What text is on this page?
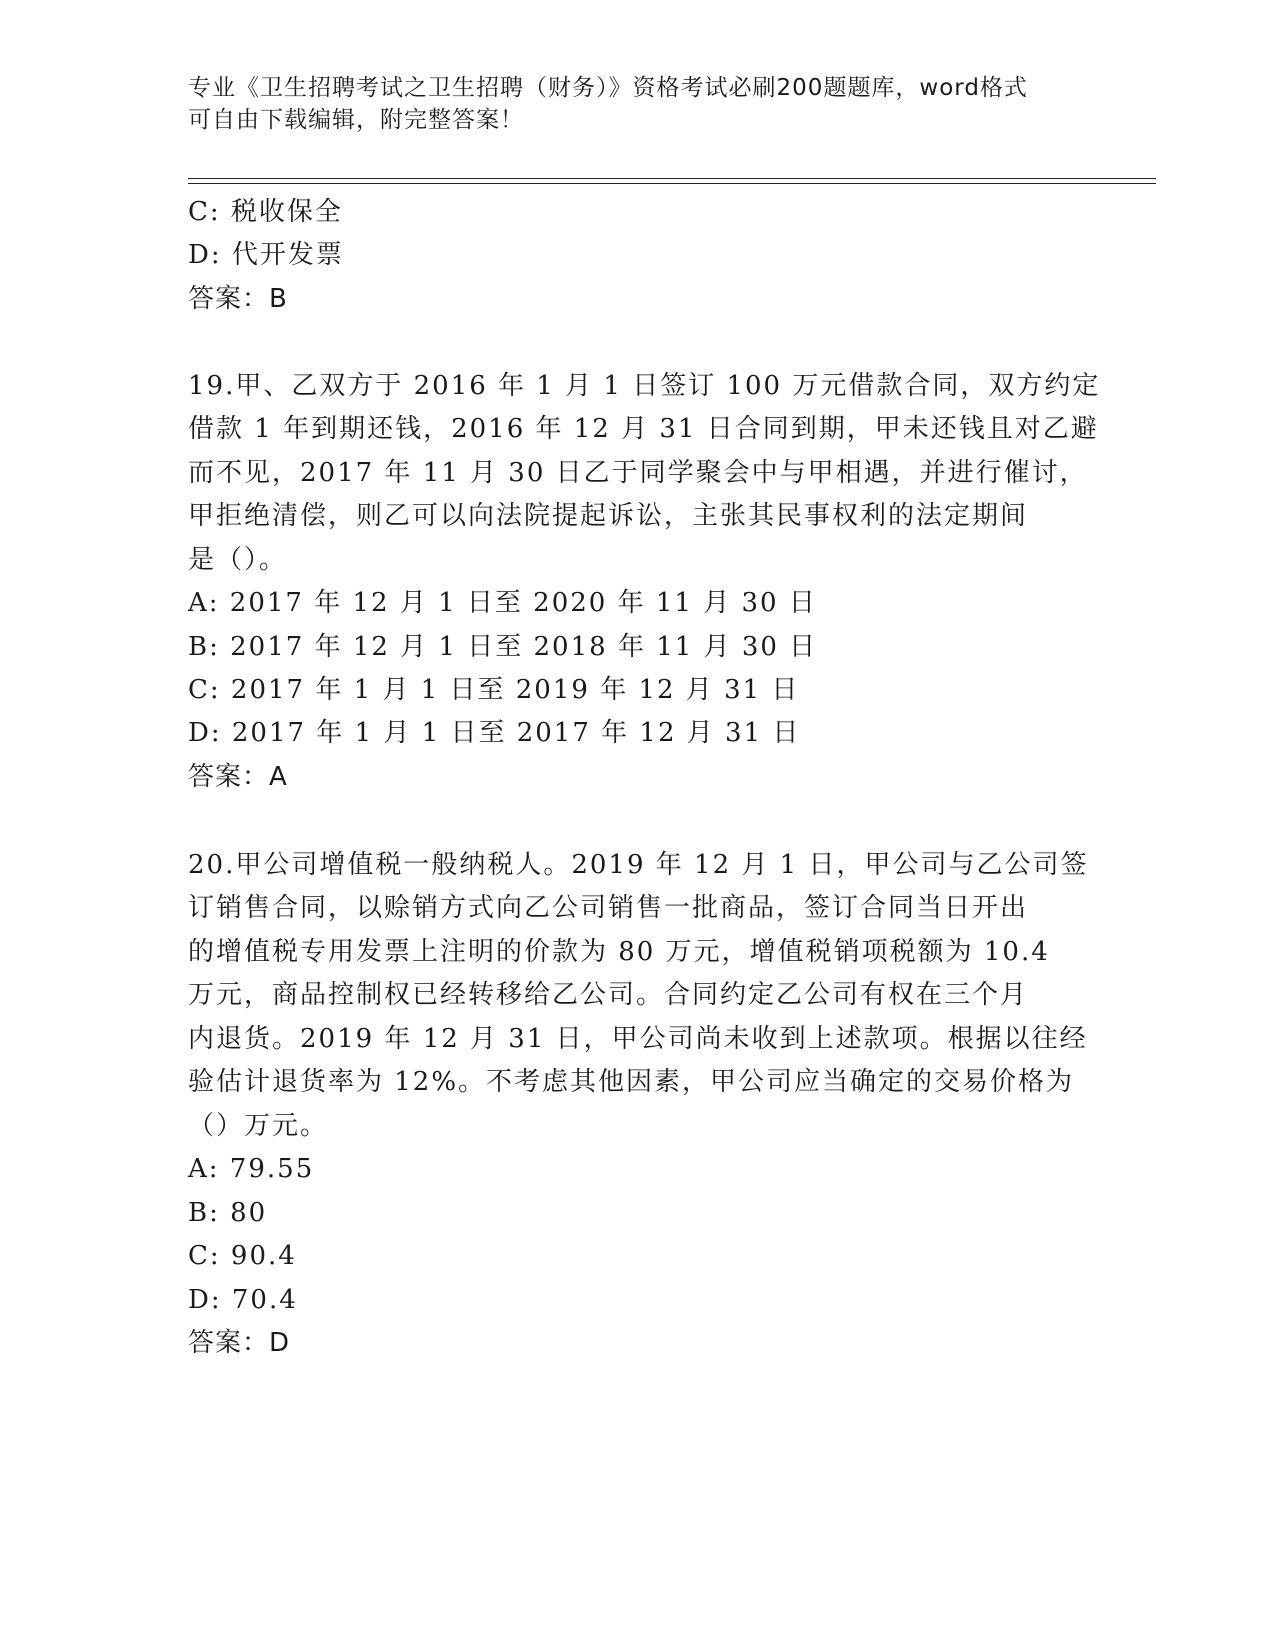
专业《卫生招聘考试之卫生招聘（财务）》资格考试必刷200题题库，word格式
可自由下载编辑，附完整答案！
C: 税收保全
D: 代开发票
答案：B
19.甲、乙双方于 2016 年 1 月 1 日签订 100 万元借款合同，双方约定
借款 1 年到期还钱，2016 年 12 月 31 日合同到期，甲未还钱且对乙避
而不见，2017 年 11 月 30 日乙于同学聚会中与甲相遇，并进行催讨，
甲拒绝清偿，则乙可以向法院提起诉讼，主张其民事权利的法定期间
是（）。
A: 2017 年 12 月 1 日至 2020 年 11 月 30 日
B: 2017 年 12 月 1 日至 2018 年 11 月 30 日
C: 2017 年 1 月 1 日至 2019 年 12 月 31 日
D: 2017 年 1 月 1 日至 2017 年 12 月 31 日
答案：A
20.甲公司增值税一般纳税人。2019 年 12 月 1 日，甲公司与乙公司签
订销售合同，以赊销方式向乙公司销售一批商品，签订合同当日开出
的增值税专用发票上注明的价款为 80 万元，增值税销项税额为 10.4
万元，商品控制权已经转移给乙公司。合同约定乙公司有权在三个月
内退货。2019 年 12 月 31 日，甲公司尚未收到上述款项。根据以往经
验估计退货率为 12%。不考虑其他因素，甲公司应当确定的交易价格为
（）万元。
A: 79.55
B: 80
C: 90.4
D: 70.4
答案：D
